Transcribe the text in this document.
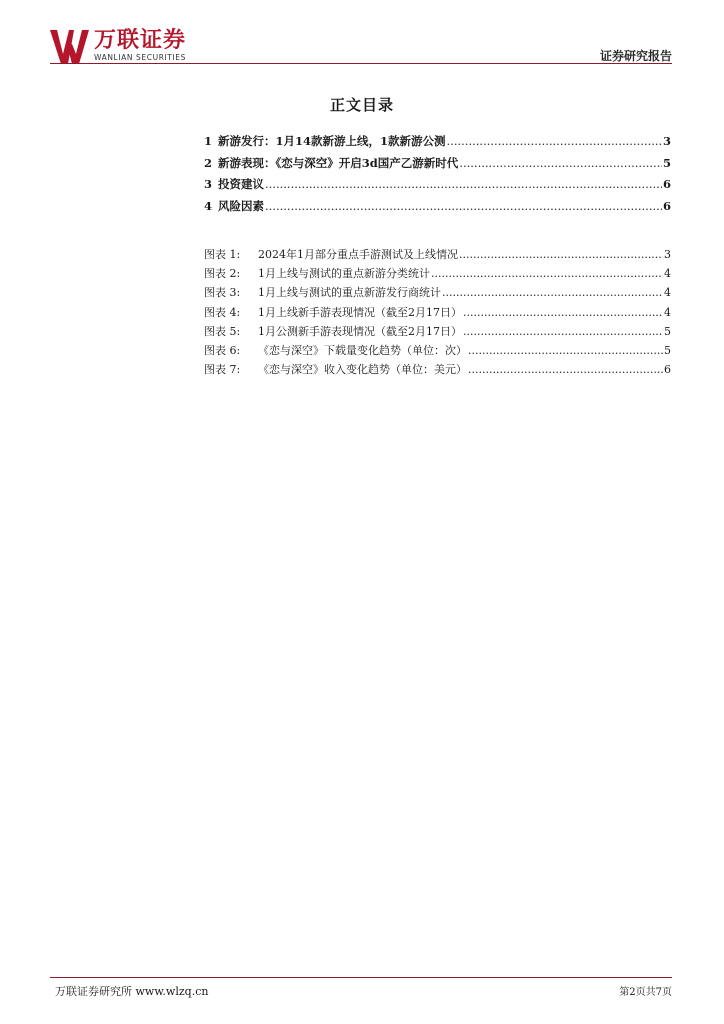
万联证券
WANLIAN SECURITIES	证券研究报告
正文目录
1 新游发行：1月14款新游上线，1款新游公测 .....	3
2 新游表现：《恋与深空》开启3d国产乙游新时代 .....	5
3 投资建议 .....	6
4 风险因素 .....	6
图表 1:	2024年1月部分重点手游测试及上线情况 .....	3
图表 2:	1月上线与测试的重点新游分类统计 .....	4
图表 3:	1月上线与测试的重点新游发行商统计 .....	4
图表 4:	1月上线新手游表现情况（截至2月17日） .....	4
图表 5:	1月公测新手游表现情况（截至2月17日） .....	5
图表 6:	《恋与深空》下载量变化趋势（单位：次） .....	5
图表 7:	《恋与深空》收入变化趋势（单位：美元） .....	6
万联证券研究所 www.wlzq.cn	第2页共7页
